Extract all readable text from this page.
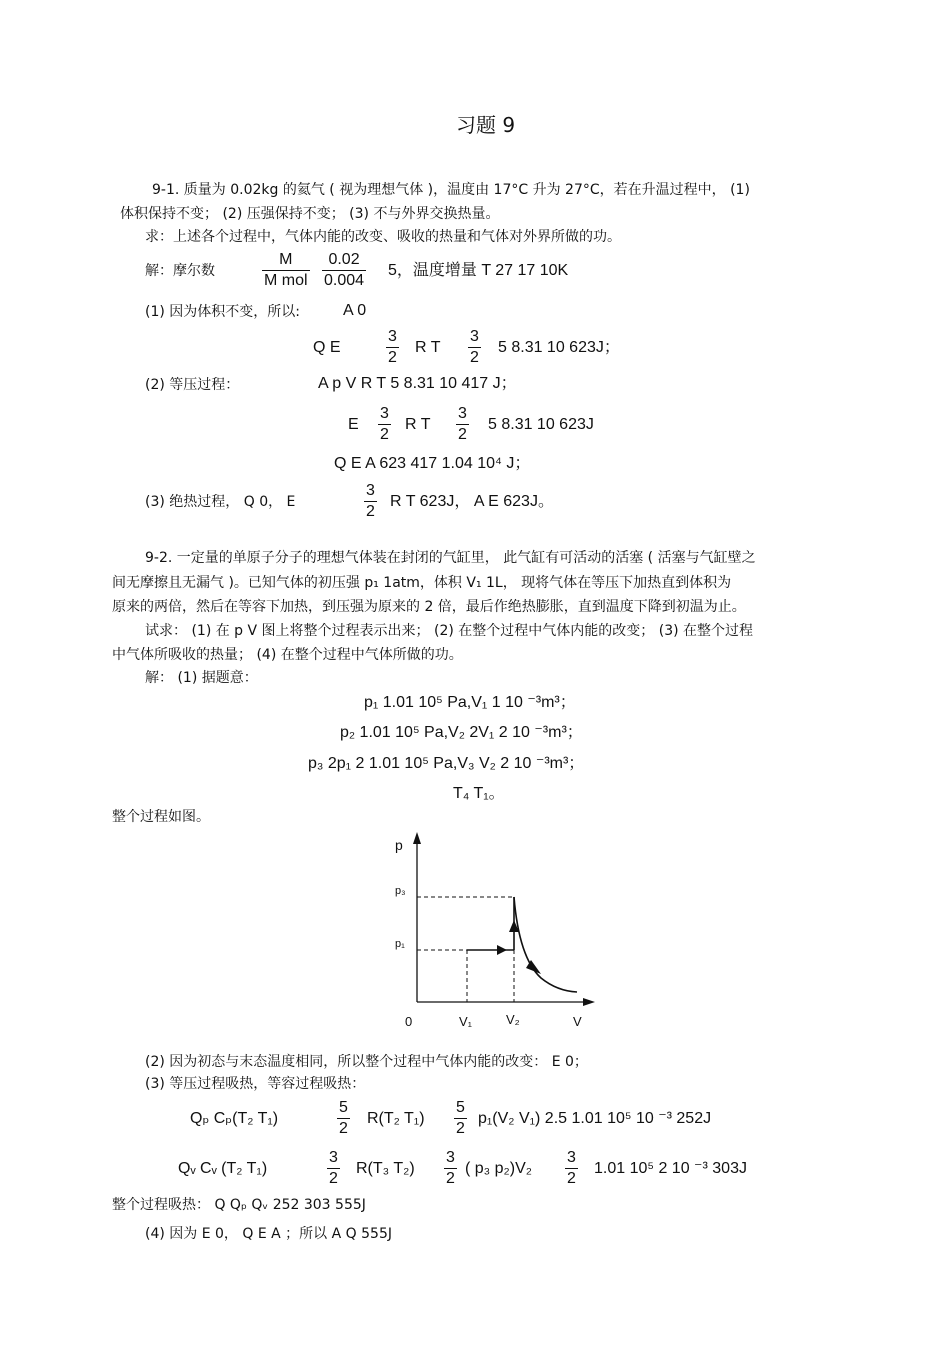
习题 9
9-1. 质量为 0.02kg 的氦气 ( 视为理想气体 )，温度由 17°C 升为 27°C，若在升温过程中， (1)
体积保持不变； (2) 压强保持不变； (3) 不与外界交换热量。
求：上述各个过程中，气体内能的改变、吸收的热量和气体对外界所做的功。
解：摩尔数
M
M mol $\frac{0.02}{0.004} 5$，温度增量 T 27 17 10K
(1) 因为体积不变，所以:	A 0
Q E	$\frac{3}{2}$ R T $\frac{3}{2} 5$ 8.31 10 623J；
(2) 等压过程：	A p V R T 5 8.31 10 417 J；
E $\frac{3}{2}$ R T $\frac{3}{2} 5$ 8.31 10 623J
Q E A 623 417 1.04 10⁴ J；
(3) 绝热过程， Q 0， E	$\frac{3}{2}$ R T 623J， A E 623J。
9-2. 一定量的单原子分子的理想气体装在封闭的气缸里， 此气缸有可活动的活塞 ( 活塞与气缸壁之
间无摩擦且无漏气 )。已知气体的初压强 p₁ 1atm，体积 V₁ 1L， 现将气体在等压下加热直到体积为
原来的两倍，然后在等容下加热，到压强为原来的 2 倍，最后作绝热膨胀，直到温度下降到初温为止。
试求： (1) 在 p V 图上将整个过程表示出来； (2) 在整个过程中气体内能的改变； (3) 在整个过程
中气体所吸收的热量； (4) 在整个过程中气体所做的功。
解： (1) 据题意：
p₁ 1.01 10⁵ Pa,V₁ 1 10 ⁻³m³；
p₂ 1.01 10⁵ Pa,V₂ 2V₁ 2 10 ⁻³m³；
p₃ 2p₁ 2 1.01 10⁵ Pa,V₃ V₂ 2 10 ⁻³m³；
T₄ T₁。
整个过程如图。
p
p₃
p₁
0	V₁	V₂	V
(2) 因为初态与末态温度相同，所以整个过程中气体内能的改变： E 0；
(3) 等压过程吸热，等容过程吸热：
Qₚ Cₚ(T₂ T₁)	$\frac{5}{2} R(T_2$ $T_1) \frac{5}{2} p_1(V_2$ V₁) 2.5 1.01 10⁵ 10 ⁻³ 252J
Qᵥ Cᵥ (T₂ T₁)	$\frac{3}{2} R(T_3$ $T_2) \frac{3}{2}$ ( p₃ $p_2)V_2 \frac{3}{2} 1.01$ 10⁵ 2 10 ⁻³ 303J
整个过程吸热： Q Qₚ Qᵥ 252 303 555J
(4) 因为 E 0， Q E A ；所以 A Q 555J
